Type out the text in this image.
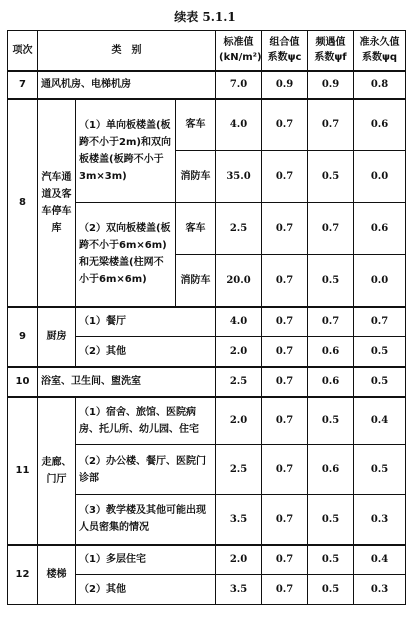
续表 5.1.1
项次	类　别			标准值 (kN/m²)	组合值系数ψc	频遇值系数ψf	准永久值系数ψq
7	通风机房、电梯机房			7.0	0.9	0.9	0.8
8	汽车通道及客车停车库	（1）单向板楼盖(板跨不小于2m)和双向板楼盖(板跨不小于3m×3m)	客车	4.0	0.7	0.7	0.6
			消防车	35.0	0.7	0.5	0.0
		（2）双向板楼盖(板跨不小于6m×6m)和无梁楼盖(柱网不小于6m×6m)	客车	2.5	0.7	0.7	0.6
			消防车	20.0	0.7	0.5	0.0
9	厨房	（1）餐厅		4.0	0.7	0.7	0.7
		（2）其他		2.0	0.7	0.6	0.5
10	浴室、卫生间、盥洗室			2.5	0.7	0.6	0.5
11	走廊、门厅	（1）宿舍、旅馆、医院病房、托儿所、幼儿园、住宅		2.0	0.7	0.5	0.4
		（2）办公楼、餐厅、医院门诊部		2.5	0.7	0.6	0.5
		（3）教学楼及其他可能出现人员密集的情况		3.5	0.7	0.5	0.3
12	楼梯	（1）多层住宅		2.0	0.7	0.5	0.4
		（2）其他		3.5	0.7	0.5	0.3
